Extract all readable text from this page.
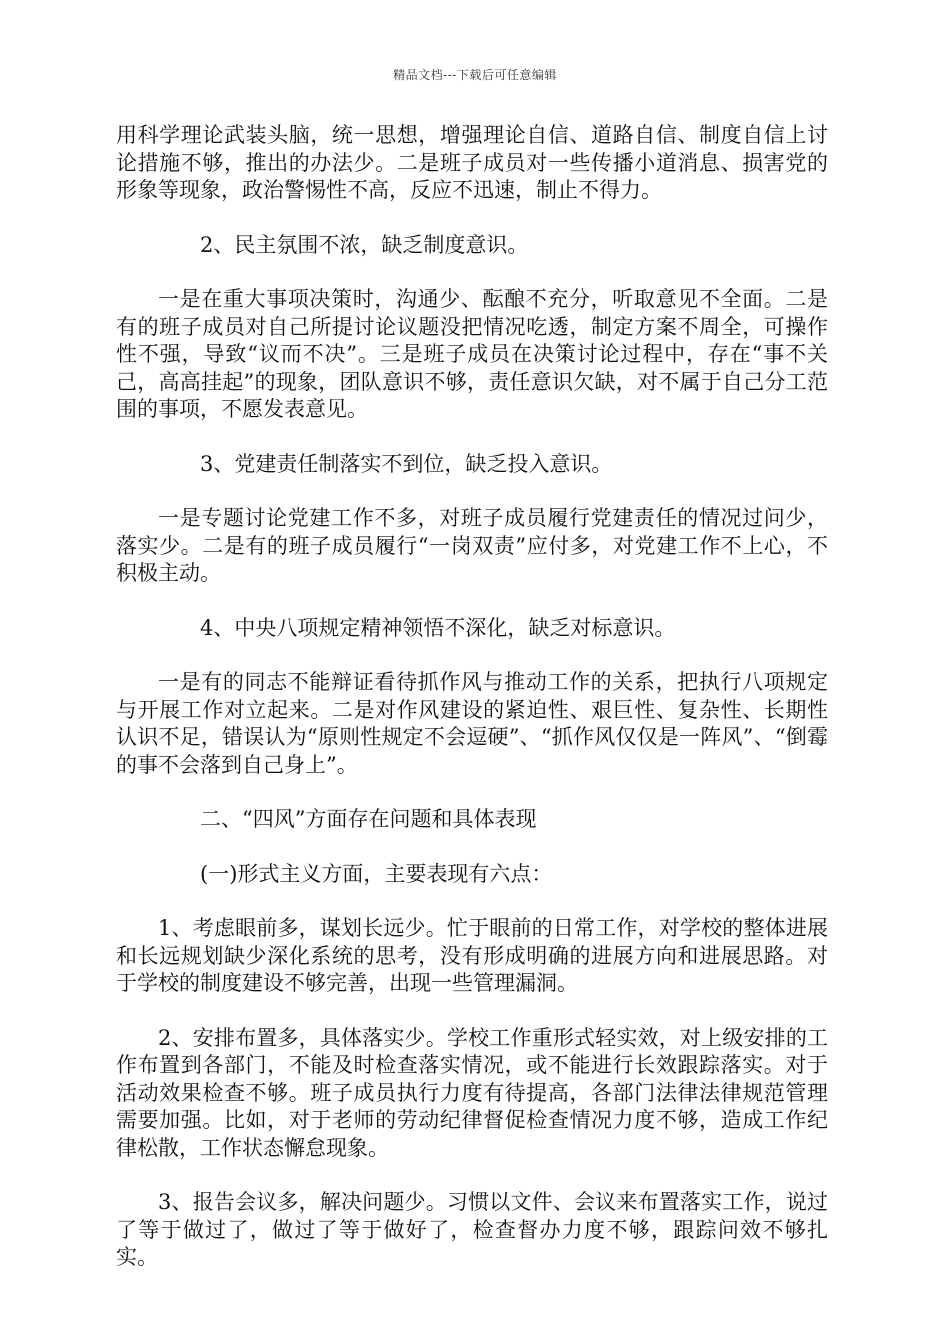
精品文档---下载后可任意编辑

用科学理论武装头脑，统一思想，增强理论自信、道路自信、制度自信上讨论措施不够，推出的办法少。二是班子成员对一些传播小道消息、损害党的形象等现象，政治警惕性不高，反应不迅速，制止不得力。

2、民主氛围不浓，缺乏制度意识。

一是在重大事项决策时，沟通少、酝酿不充分，听取意见不全面。二是有的班子成员对自己所提讨论议题没把情况吃透，制定方案不周全，可操作性不强，导致“议而不决”。三是班子成员在决策讨论过程中，存在“事不关己，高高挂起”的现象，团队意识不够，责任意识欠缺，对不属于自己分工范围的事项，不愿发表意见。

3、党建责任制落实不到位，缺乏投入意识。

一是专题讨论党建工作不多，对班子成员履行党建责任的情况过问少，落实少。二是有的班子成员履行“一岗双责”应付多，对党建工作不上心，不积极主动。

4、中央八项规定精神领悟不深化，缺乏对标意识。

一是有的同志不能辩证看待抓作风与推动工作的关系，把执行八项规定与开展工作对立起来。二是对作风建设的紧迫性、艰巨性、复杂性、长期性认识不足，错误认为“原则性规定不会逗硬”、“抓作风仅仅是一阵风”、“倒霉的事不会落到自己身上”。

二、“四风”方面存在问题和具体表现

(一)形式主义方面，主要表现有六点：

1、考虑眼前多，谋划长远少。忙于眼前的日常工作，对学校的整体进展和长远规划缺少深化系统的思考，没有形成明确的进展方向和进展思路。对于学校的制度建设不够完善，出现一些管理漏洞。

2、安排布置多，具体落实少。学校工作重形式轻实效，对上级安排的工作布置到各部门，不能及时检查落实情况，或不能进行长效跟踪落实。对于活动效果检查不够。班子成员执行力度有待提高，各部门法律法律规范管理需要加强。比如，对于老师的劳动纪律督促检查情况力度不够，造成工作纪律松散，工作状态懈怠现象。

3、报告会议多，解决问题少。习惯以文件、会议来布置落实工作，说过了等于做过了，做过了等于做好了，检查督办力度不够，跟踪问效不够扎实。
